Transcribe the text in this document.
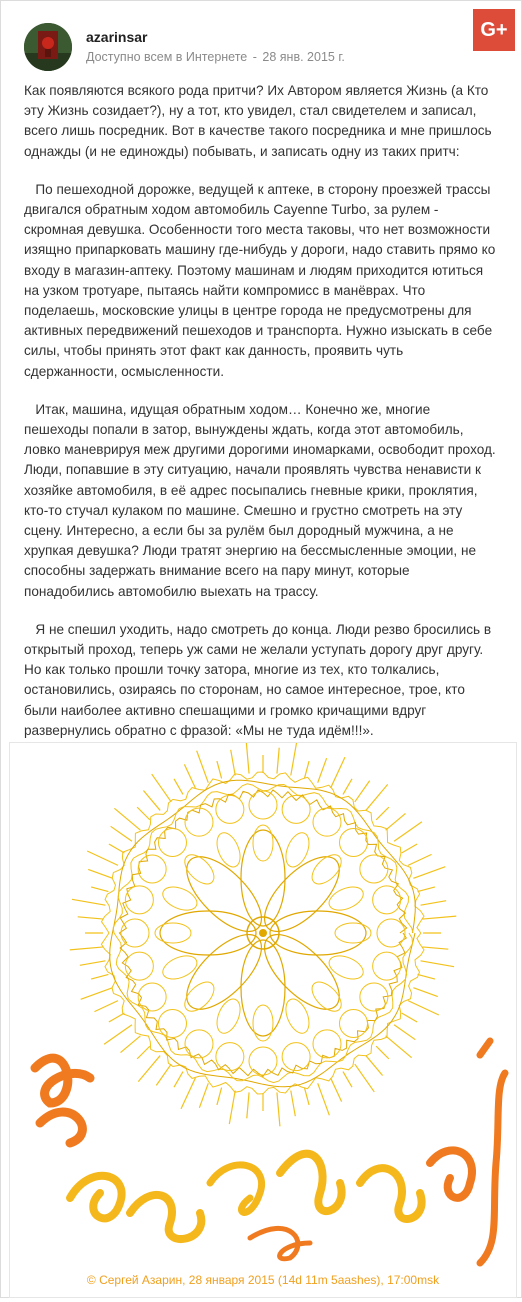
azarinsar
Доступно всем в Интернете - 28 янв. 2015 г.
G+

Как появляются всякого рода притчи? Их Автором является Жизнь (а Кто эту Жизнь созидает?), ну а тот, кто увидел, стал свидетелем и записал, всего лишь посредник. Вот в качестве такого посредника и мне пришлось однажды (и не единожды) побывать, и записать одну из таких притч:

По пешеходной дорожке, ведущей к аптеке, в сторону проезжей трассы двигался обратным ходом автомобиль Cayenne Turbo, за рулем - скромная девушка. Особенности того места таковы, что нет возможности изящно припарковать машину где-нибудь у дороги, надо ставить прямо ко входу в магазин-аптеку. Поэтому машинам и людям приходится ютиться на узком тротуаре, пытаясь найти компромисс в манёврах. Что поделаешь, московские улицы в центре города не предусмотрены для активных передвижений пешеходов и транспорта. Нужно изыскать в себе силы, чтобы принять этот факт как данность, проявить чуть сдержанности, осмысленности.

Итак, машина, идущая обратным ходом… Конечно же, многие пешеходы попали в затор, вынуждены ждать, когда этот автомобиль, ловко маневрируя меж другими дорогими иномарками, освободит проход. Люди, попавшие в эту ситуацию, начали проявлять чувства ненависти к хозяйке автомобиля, в её адрес посыпались гневные крики, проклятия, кто-то стучал кулаком по машине. Смешно и грустно смотреть на эту сцену. Интересно, а если бы за рулём был дородный мужчина, а не хрупкая девушка? Люди тратят энергию на бессмысленные эмоции, не способны задержать внимание всего на пару минут, которые понадобились автомобилю выехать на трассу.

Я не спешил уходить, надо смотреть до конца. Люди резво бросились в открытый проход, теперь уж сами не желали уступать дорогу друг другу. Но как только прошли точку затора, многие из тех, кто толкались, остановились, озираясь по сторонам, но самое интересное, трое, кто были наиболее активно спешащими и громко кричащими вдруг развернулись обратно с фразой: «Мы не туда идём!!!».

© Сергей Азарин, 28 января 2015 (14d 11m 5aashes), 17:00msk
